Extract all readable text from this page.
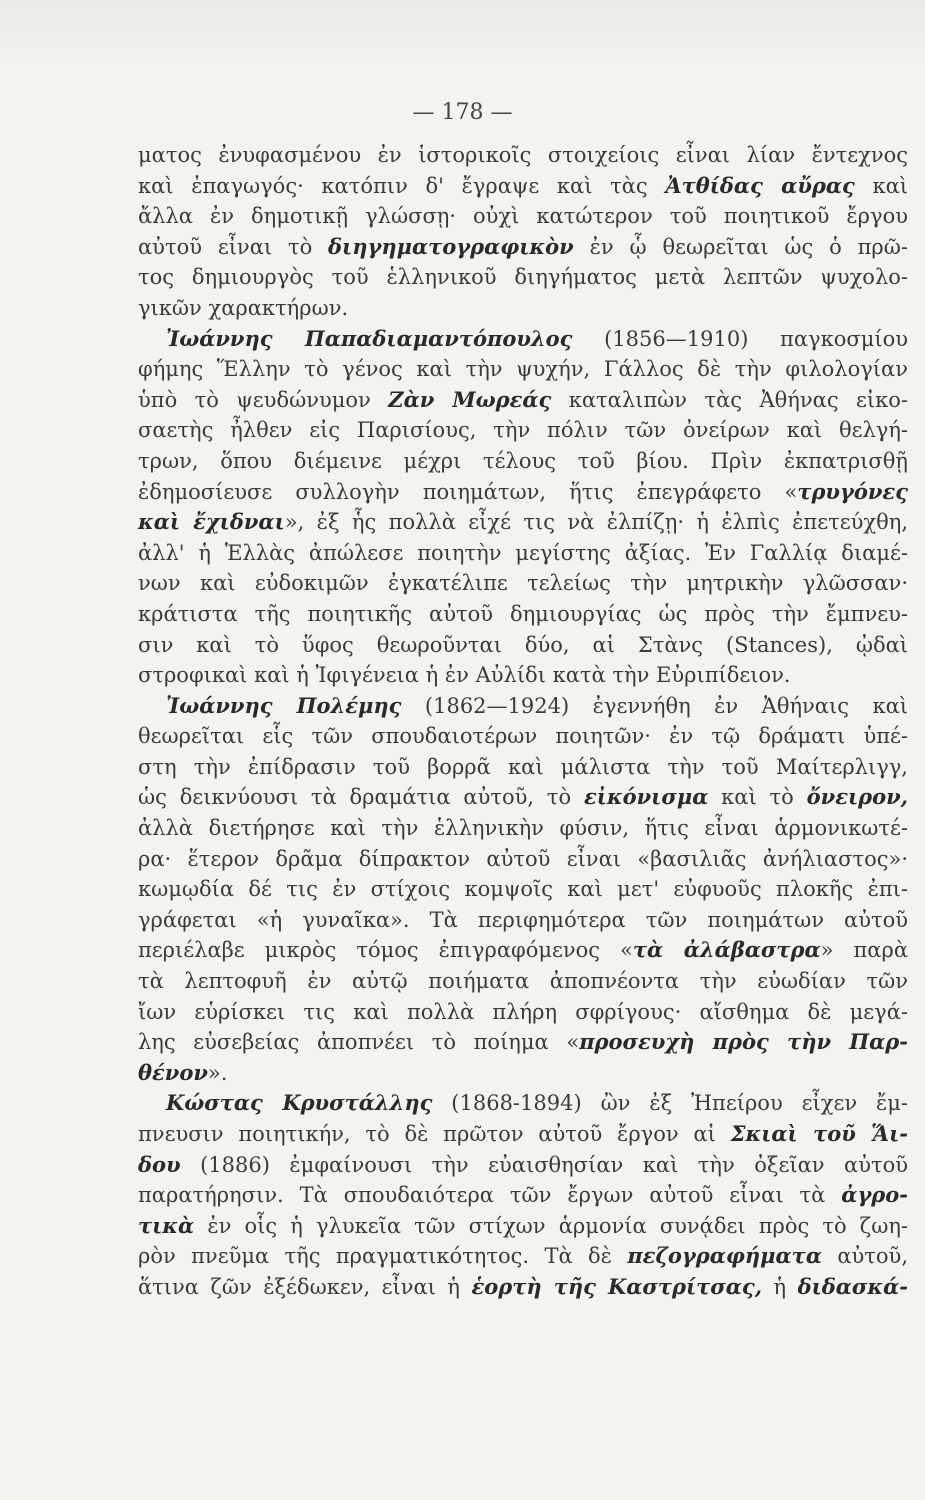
— 178 —
ματος ἐνυφασμένου ἐν ἱστορικοῖς στοιχείοις εἶναι λίαν ἔντεχνος
καὶ ἐπαγωγός· κατόπιν δ' ἔγραψε καὶ τὰς Ἀτθίδας αὔρας καὶ
ἄλλα ἐν δημοτικῇ γλώσσῃ· οὐχὶ κατώτερον τοῦ ποιητικοῦ ἔργου
αὐτοῦ εἶναι τὸ διηγηματογραφικὸν ἐν ᾧ θεωρεῖται ὡς ὁ πρῶ-
τος δημιουργὸς τοῦ ἑλληνικοῦ διηγήματος μετὰ λεπτῶν ψυχολο-
γικῶν χαρακτήρων.
Ἰωάννης Παπαδιαμαντόπουλος (1856—1910) παγκοσμίου
φήμης Ἕλλην τὸ γένος καὶ τὴν ψυχήν, Γάλλος δὲ τὴν φιλολογίαν
ὑπὸ τὸ ψευδώνυμον Ζὰν Μωρεάς καταλιπὼν τὰς Ἀθήνας εἰκο-
σαετὴς ἦλθεν εἰς Παρισίους, τὴν πόλιν τῶν ὀνείρων καὶ θελγή-
τρων, ὅπου διέμεινε μέχρι τέλους τοῦ βίου. Πρὶν ἐκπατρισθῇ
ἐδημοσίευσε συλλογὴν ποιημάτων, ἥτις ἐπεγράφετο «τρυγόνες
καὶ ἔχιδναι», ἐξ ἧς πολλὰ εἶχέ τις νὰ ἐλπίζῃ· ἡ ἐλπὶς ἐπετεύχθη,
ἀλλ' ἡ Ἑλλὰς ἀπώλεσε ποιητὴν μεγίστης ἀξίας. Ἐν Γαλλίᾳ διαμέ-
νων καὶ εὐδοκιμῶν ἐγκατέλιπε τελείως τὴν μητρικὴν γλῶσσαν·
κράτιστα τῆς ποιητικῆς αὐτοῦ δημιουργίας ὡς πρὸς τὴν ἔμπνευ-
σιν καὶ τὸ ὕφος θεωροῦνται δύο, αἱ Στὰνς (Stances), ᾠδαὶ
στροφικαὶ καὶ ἡ Ἰφιγένεια ἡ ἐν Αὐλίδι κατὰ τὴν Εὐριπίδειον.
Ἰωάννης Πολέμης (1862—1924) ἐγεννήθη ἐν Ἀθήναις καὶ
θεωρεῖται εἷς τῶν σπουδαιοτέρων ποιητῶν· ἐν τῷ δράματι ὑπέ-
στη τὴν ἐπίδρασιν τοῦ βορρᾶ καὶ μάλιστα τὴν τοῦ Μαίτερλιγγ,
ὡς δεικνύουσι τὰ δραμάτια αὐτοῦ, τὸ εἰκόνισμα καὶ τὸ ὄνειρον,
ἀλλὰ διετήρησε καὶ τὴν ἑλληνικὴν φύσιν, ἥτις εἶναι ἁρμονικωτέ-
ρα· ἕτερον δρᾶμα δίπρακτον αὐτοῦ εἶναι «βασιλιᾶς ἀνήλιαστος»·
κωμῳδία δέ τις ἐν στίχοις κομψοῖς καὶ μετ' εὐφυοῦς πλοκῆς ἐπι-
γράφεται «ἡ γυναῖκα». Τὰ περιφημότερα τῶν ποιημάτων αὐτοῦ
περιέλαβε μικρὸς τόμος ἐπιγραφόμενος «τὰ ἀλάβαστρα» παρὰ
τὰ λεπτοφυῆ ἐν αὐτῷ ποιήματα ἀποπνέοντα τὴν εὐωδίαν τῶν
ἴων εὑρίσκει τις καὶ πολλὰ πλήρη σφρίγους· αἴσθημα δὲ μεγά-
λης εὐσεβείας ἀποπνέει τὸ ποίημα «προσευχὴ πρὸς τὴν Παρ-
θένον».
Κώστας Κρυστάλλης (1868-1894) ὢν ἐξ Ἠπείρου εἶχεν ἔμ-
πνευσιν ποιητικήν, τὸ δὲ πρῶτον αὐτοῦ ἔργον αἱ Σκιαὶ τοῦ Ἅι-
δου (1886) ἐμφαίνουσι τὴν εὐαισθησίαν καὶ τὴν ὀξεῖαν αὐτοῦ
παρατήρησιν. Τὰ σπουδαιότερα τῶν ἔργων αὐτοῦ εἶναι τὰ ἀγρο-
τικὰ ἐν οἷς ἡ γλυκεῖα τῶν στίχων ἁρμονία συνᾴδει πρὸς τὸ ζωη-
ρὸν πνεῦμα τῆς πραγματικότητος. Τὰ δὲ πεζογραφήματα αὐτοῦ,
ἅτινα ζῶν ἐξέδωκεν, εἶναι ἡ ἑορτὴ τῆς Καστρίτσας, ἡ διδασκά-
